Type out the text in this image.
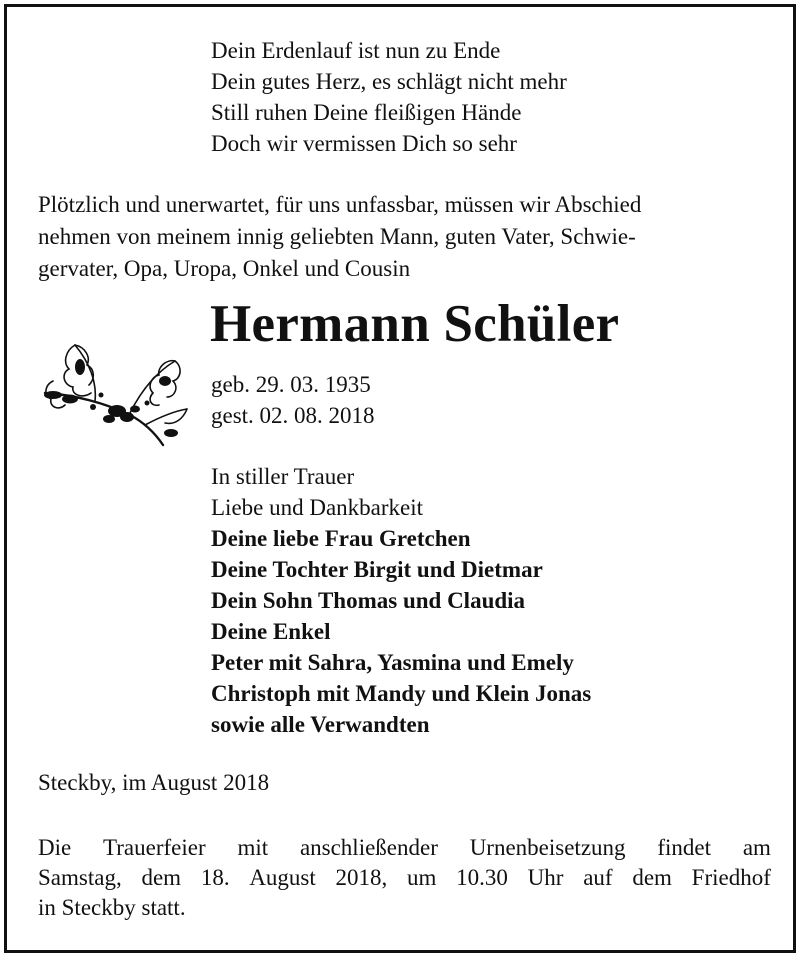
Dein Erdenlauf ist nun zu Ende
Dein gutes Herz, es schlägt nicht mehr
Still ruhen Deine fleißigen Hände
Doch wir vermissen Dich so sehr
Plötzlich und unerwartet, für uns unfassbar, müssen wir Abschied
nehmen von meinem innig geliebten Mann, guten Vater, Schwie-
gervater, Opa, Uropa, Onkel und Cousin
Hermann Schüler
geb. 29. 03. 1935
gest. 02. 08. 2018
In stiller Trauer
Liebe und Dankbarkeit
Deine liebe Frau Gretchen
Deine Tochter Birgit und Dietmar
Dein Sohn Thomas und Claudia
Deine Enkel
Peter mit Sahra, Yasmina und Emely
Christoph mit Mandy und Klein Jonas
sowie alle Verwandten
Steckby, im August 2018
Die Trauerfeier mit anschließender Urnenbeisetzung findet am
Samstag, dem 18. August 2018, um 10.30 Uhr auf dem Friedhof
in Steckby statt.
